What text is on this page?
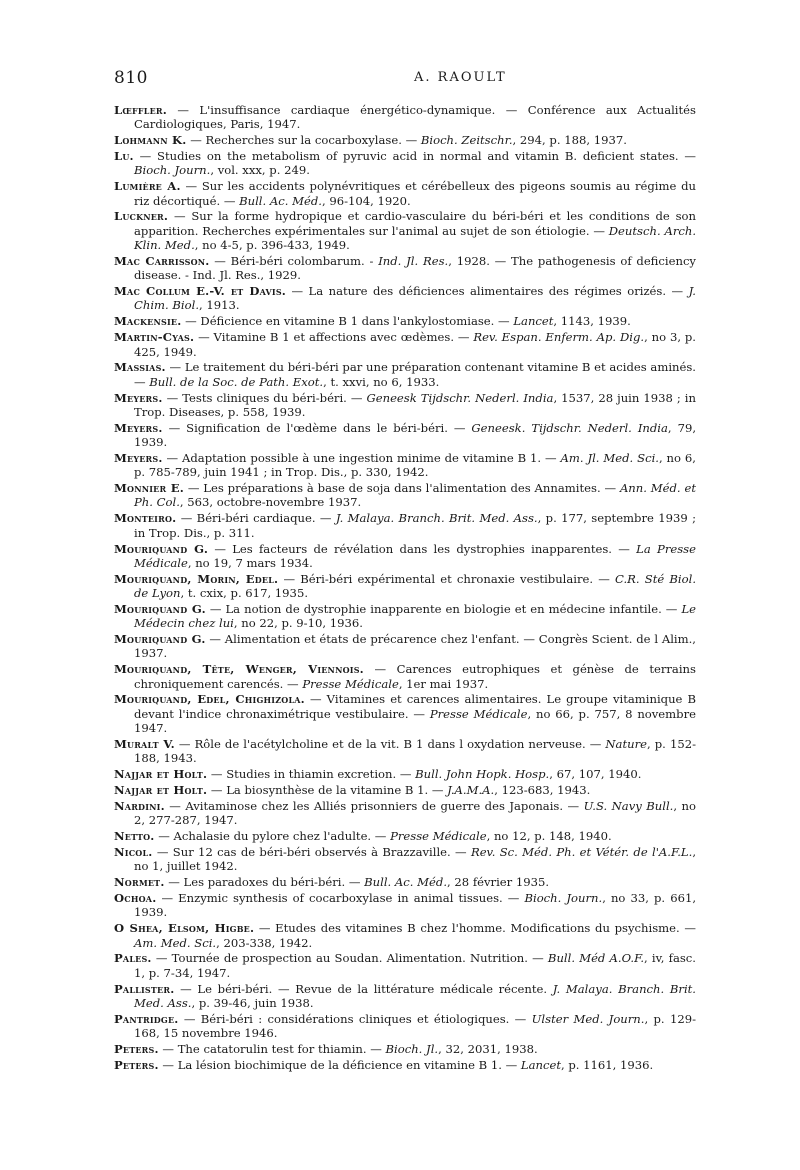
810	A. RAOULT

Lœffler. — L'insuffisance cardiaque énergético-dynamique. — Conférence aux Actualités Cardiologiques, Paris, 1947.

Lohmann K. — Recherches sur la cocarboxylase. — Bioch. Zeitschr., 294, p. 188, 1937.

Lu. — Studies on the metabolism of pyruvic acid in normal and vitamin B. deficient states. — Bioch. Journ., vol. xxx, p. 249.

Lumière A. — Sur les accidents polynévritiques et cérébelleux des pigeons soumis au régime du riz décortiqué. — Bull. Ac. Méd., 96-104, 1920.

Luckner. — Sur la forme hydropique et cardio-vasculaire du béri-béri et les conditions de son apparition. Recherches expérimentales sur l'animal au sujet de son étiologie. — Deutsch. Arch. Klin. Med., no 4-5, p. 396-433, 1949.

Mac Carrisson. — Béri-béri colombarum. - Ind. Jl. Res., 1928. — The pathogenesis of deficiency disease. - Ind. Jl. Res., 1929.

Mac Collum E.-V. et Davis. — La nature des déficiences alimentaires des régimes orizés. — J. Chim. Biol., 1913.

Mackensie. — Déficience en vitamine B 1 dans l'ankylostomiase. — Lancet, 1143, 1939.

Martin-Cyas. — Vitamine B 1 et affections avec œdèmes. — Rev. Espan. Enferm. Ap. Dig., no 3, p. 425, 1949.

Massias. — Le traitement du béri-béri par une préparation contenant vitamine B et acides aminés. — Bull. de la Soc. de Path. Exot., t. xxvi, no 6, 1933.

Meyers. — Tests cliniques du béri-béri. — Geneesk Tijdschr. Nederl. India, 1537, 28 juin 1938 ; in Trop. Diseases, p. 558, 1939.

Meyers. — Signification de l'œdème dans le béri-béri. — Geneesk. Tijdschr. Nederl. India, 79, 1939.

Meyers. — Adaptation possible à une ingestion minime de vitamine B 1. — Am. Jl. Med. Sci., no 6, p. 785-789, juin 1941 ; in Trop. Dis., p. 330, 1942.

Monnier E. — Les préparations à base de soja dans l'alimentation des Annamites. — Ann. Méd. et Ph. Col., 563, octobre-novembre 1937.

Monteiro. — Béri-béri cardiaque. — J. Malaya. Branch. Brit. Med. Ass., p. 177, septembre 1939 ; in Trop. Dis., p. 311.

Mouriquand G. — Les facteurs de révélation dans les dystrophies inapparentes. — La Presse Médicale, no 19, 7 mars 1934.

Mouriquand, Morin, Edel. — Béri-béri expérimental et chronaxie vestibulaire. — C.R. Sté Biol. de Lyon, t. cxix, p. 617, 1935.

Mouriquand G. — La notion de dystrophie inapparente en biologie et en médecine infantile. — Le Médecin chez lui, no 22, p. 9-10, 1936.

Mouriquand G. — Alimentation et états de précarence chez l'enfant. — Congrès Scient. de l Alim., 1937.

Mouriquand, Tête, Wenger, Viennois. — Carences eutrophiques et génèse de terrains chroniquement carencés. — Presse Médicale, 1er mai 1937.

Mouriquand, Edel, Chighizola. — Vitamines et carences alimentaires. Le groupe vitaminique B devant l'indice chronaximétrique vestibulaire. — Presse Médicale, no 66, p. 757, 8 novembre 1947.

Muralt V. — Rôle de l'acétylcholine et de la vit. B 1 dans l oxydation nerveuse. — Nature, p. 152-188, 1943.

Najjar et Holt. — Studies in thiamin excretion. — Bull. John Hopk. Hosp., 67, 107, 1940.

Najjar et Holt. — La biosynthèse de la vitamine B 1. — J.A.M.A., 123-683, 1943.

Nardini. — Avitaminose chez les Alliés prisonniers de guerre des Japonais. — U.S. Navy Bull., no 2, 277-287, 1947.

Netto. — Achalasie du pylore chez l'adulte. — Presse Médicale, no 12, p. 148, 1940.

Nicol. — Sur 12 cas de béri-béri observés à Brazzaville. — Rev. Sc. Méd. Ph. et Vétér. de l'A.F.L., no 1, juillet 1942.

Normet. — Les paradoxes du béri-béri. — Bull. Ac. Méd., 28 février 1935.

Ochoa. — Enzymic synthesis of cocarboxylase in animal tissues. — Bioch. Journ., no 33, p. 661, 1939.

O Shea, Elsom, Higbe. — Etudes des vitamines B chez l'homme. Modifications du psychisme. — Am. Med. Sci., 203-338, 1942.

Pales. — Tournée de prospection au Soudan. Alimentation. Nutrition. — Bull. Méd A.O.F., iv, fasc. 1, p. 7-34, 1947.

Pallister. — Le béri-béri. — Revue de la littérature médicale récente. J. Malaya. Branch. Brit. Med. Ass., p. 39-46, juin 1938.

Pantridge. — Béri-béri : considérations cliniques et étiologiques. — Ulster Med. Journ., p. 129-168, 15 novembre 1946.

Peters. — The catatorulin test for thiamin. — Bioch. Jl., 32, 2031, 1938.

Peters. — La lésion biochimique de la déficience en vitamine B 1. — Lancet, p. 1161, 1936.
